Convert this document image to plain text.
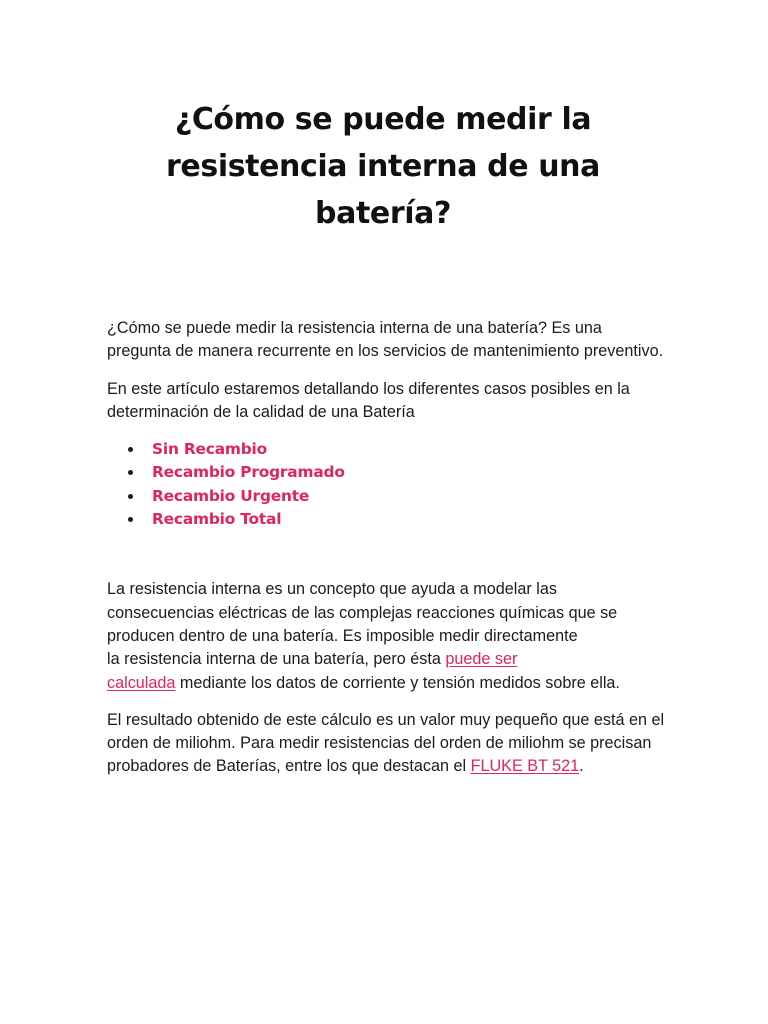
¿Cómo se puede medir la resistencia interna de una batería?

¿Cómo se puede medir la resistencia interna de una batería? Es una pregunta de manera recurrente en los servicios de mantenimiento preventivo.

En este artículo estaremos detallando los diferentes casos posibles en la determinación de la calidad de una Batería

Sin Recambio
Recambio Programado
Recambio Urgente
Recambio Total

La resistencia interna es un concepto que ayuda a modelar las
consecuencias eléctricas de las complejas reacciones químicas que se
producen dentro de una batería. Es imposible medir directamente
la resistencia interna de una batería, pero ésta puede ser
calculada mediante los datos de corriente y tensión medidos sobre ella.

El resultado obtenido de este cálculo es un valor muy pequeño que está en el orden de miliohm. Para medir resistencias del orden de miliohm se precisan probadores de Baterías, entre los que destacan el FLUKE BT 521.
